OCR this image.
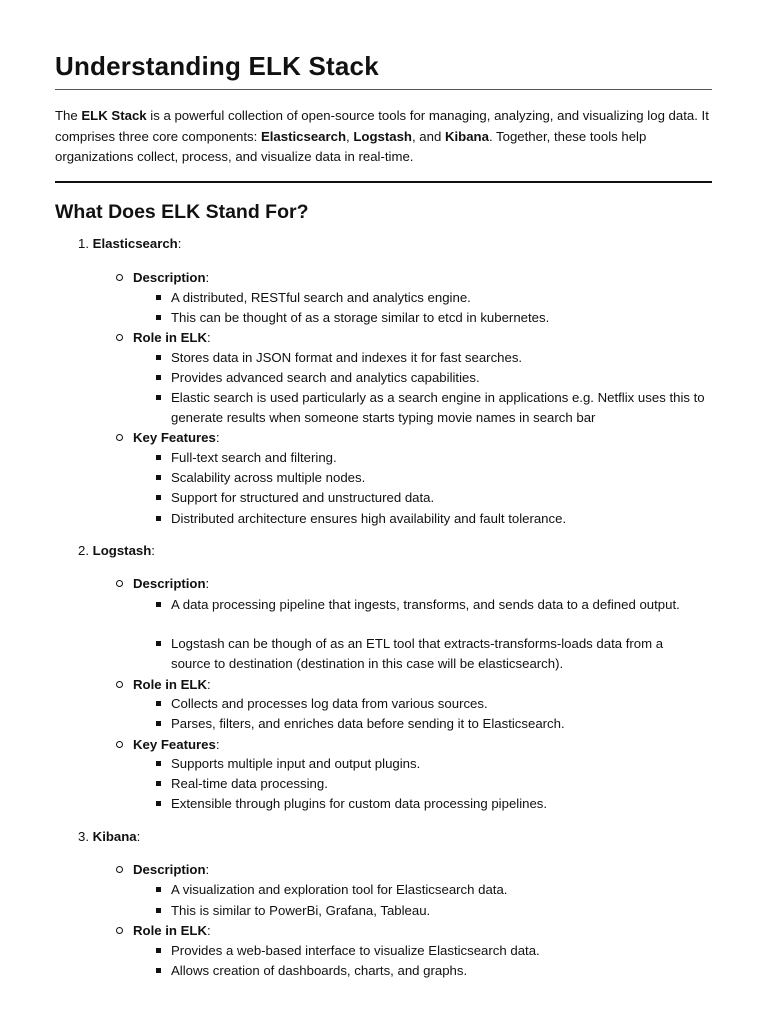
Understanding ELK Stack

The ELK Stack is a powerful collection of open-source tools for managing, analyzing, and visualizing log data. It comprises three core components: Elasticsearch, Logstash, and Kibana. Together, these tools help organizations collect, process, and visualize data in real-time.

What Does ELK Stand For?
1. Elasticsearch:
Description:
A distributed, RESTful search and analytics engine.
This can be thought of as a storage similar to etcd in kubernetes.
Role in ELK:
Stores data in JSON format and indexes it for fast searches.
Provides advanced search and analytics capabilities.
Elastic search is used particularly as a search engine in applications e.g. Netflix uses this to generate results when someone starts typing movie names in search bar
Key Features:
Full-text search and filtering.
Scalability across multiple nodes.
Support for structured and unstructured data.
Distributed architecture ensures high availability and fault tolerance.
2. Logstash:
Description:
A data processing pipeline that ingests, transforms, and sends data to a defined output.
Logstash can be though of as an ETL tool that extracts-transforms-loads data from a source to destination (destination in this case will be elasticsearch).
Role in ELK:
Collects and processes log data from various sources.
Parses, filters, and enriches data before sending it to Elasticsearch.
Key Features:
Supports multiple input and output plugins.
Real-time data processing.
Extensible through plugins for custom data processing pipelines.
3. Kibana:
Description:
A visualization and exploration tool for Elasticsearch data.
This is similar to PowerBi, Grafana, Tableau.
Role in ELK:
Provides a web-based interface to visualize Elasticsearch data.
Allows creation of dashboards, charts, and graphs.
